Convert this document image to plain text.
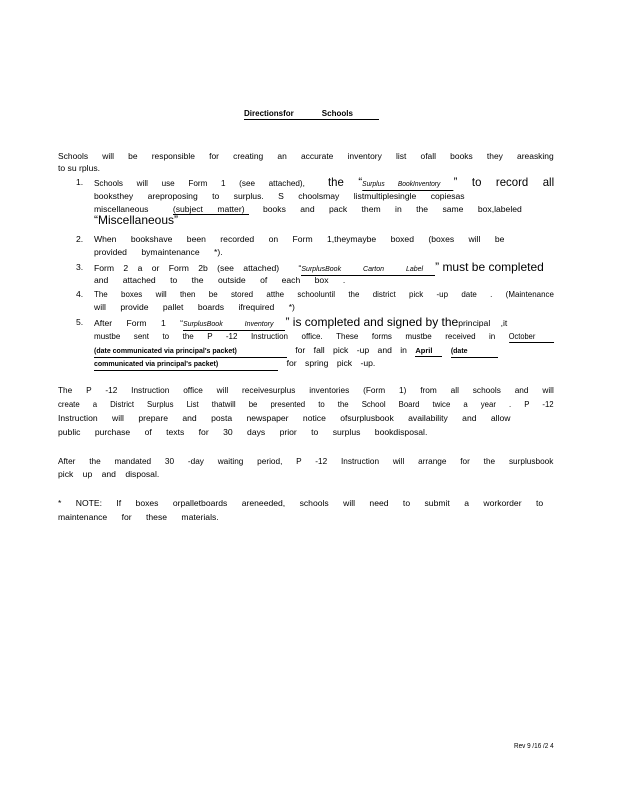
Directionsfor	Schools
Schools will be responsible for creating an accurate inventory list ofall books they areasking
to su rplus.
1. Schools will use Form 1 (see attached), the “Surplus BookInventory ” to record all
booksthey areproposing to surplus. S choolsmay listmultiplesingle copiesas
miscellaneous	(subject matter) books and pack them in the same box,labeled
“Miscellaneous”
2. When bookshave been recorded on Form 1,theymaybe boxed (boxes will be
provided bymaintenance *).
3. Form 2 a or Form 2b (see attached) “SurplusBook Carton Label ” must be completed
and attached to the outside of each box .
4. The boxes will then be stored atthe schooluntil the district pick -up date . (Maintenance
will provide pallet boards ifrequired *)
5. After Form 1 “SurplusBook Inventory ” is completed and signed by theprincipal ,it
mustbe sent to the P -12 Instruction office. These forms mustbe received in October
(date communicated via principal's packet)	for fall pick -up and in April	(date
communicated via principal's packet)	for spring pick -up.
The P -12 Instruction office will receivesurplus inventories (Form 1) from all schools and will
create a District Surplus List thatwill be presented to the School Board twice a year . P -12
Instruction will prepare and posta newspaper notice ofsurplusbook availability and allow
public purchase of texts for 30 days prior to surplus bookdisposal.
After the mandated 30 -day waiting period, P -12 Instruction will arrange for the surplusbook
pick up and disposal.
* NOTE: If boxes orpalletboards areneeded, schools will need to submit a workorder to
maintenance for these materials.
Rev 9 /16 /2 4
